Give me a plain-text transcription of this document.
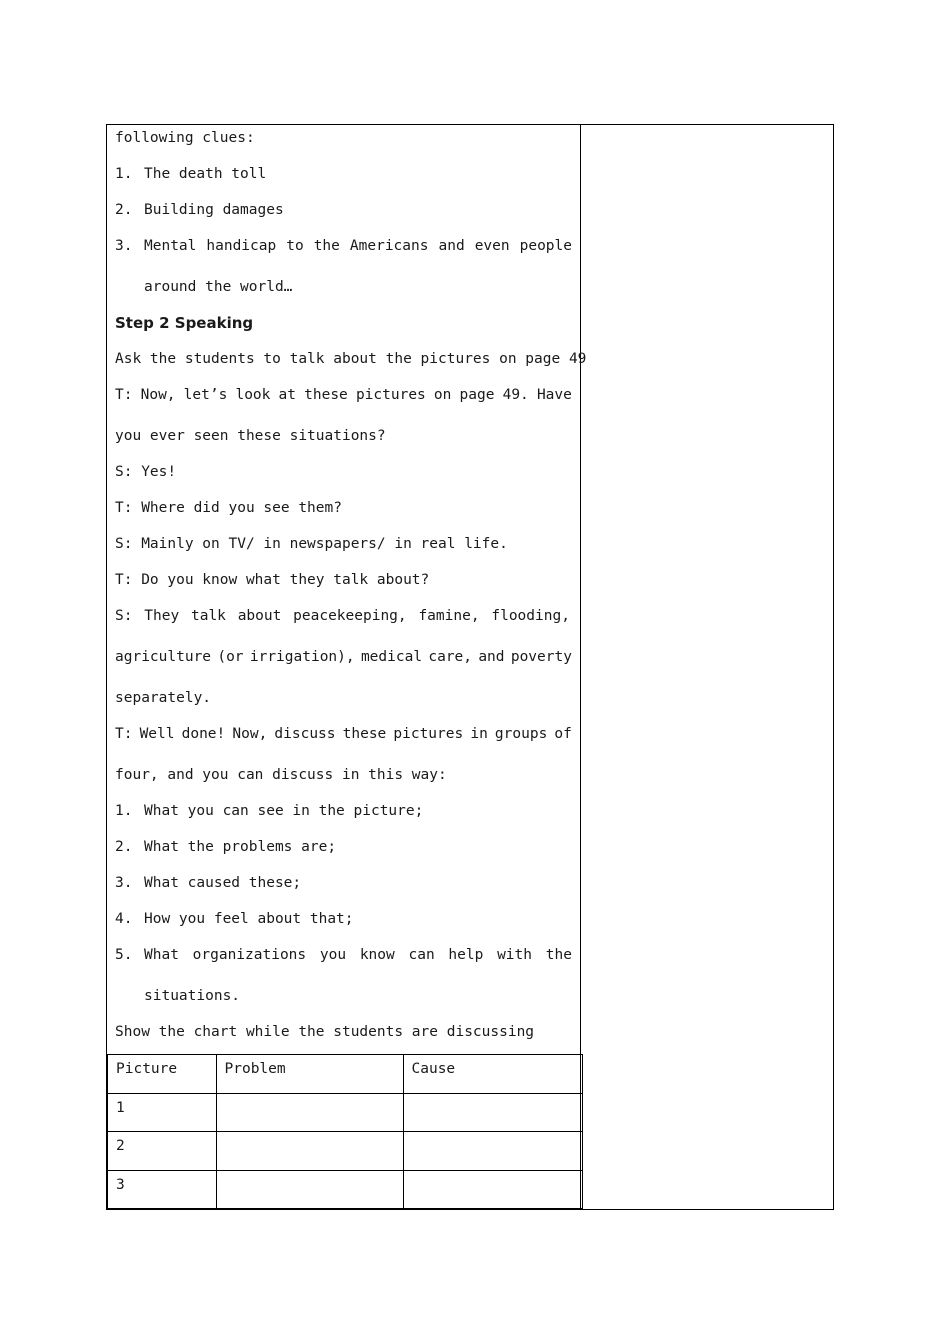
following clues:
1. The death toll
2. Building damages
3. Mental handicap to the Americans and even people
around the world…
Step 2 Speaking
Ask the students to talk about the pictures on page 49
T: Now, let’s look at these pictures on page 49. Have
you ever seen these situations?
S: Yes!
T: Where did you see them?
S: Mainly on TV/ in newspapers/ in real life.
T: Do you know what they talk about?
S: They talk about peacekeeping, famine, flooding,
agriculture (or irrigation), medical care, and poverty
separately.
T: Well done! Now, discuss these pictures in groups of
four, and you can discuss in this way:
1. What you can see in the picture;
2. What the problems are;
3. What caused these;
4. How you feel about that;
5. What organizations you know can help with the
situations.
Show the chart while the students are discussing
Picture	Problem	Cause
1		
2		
3		
